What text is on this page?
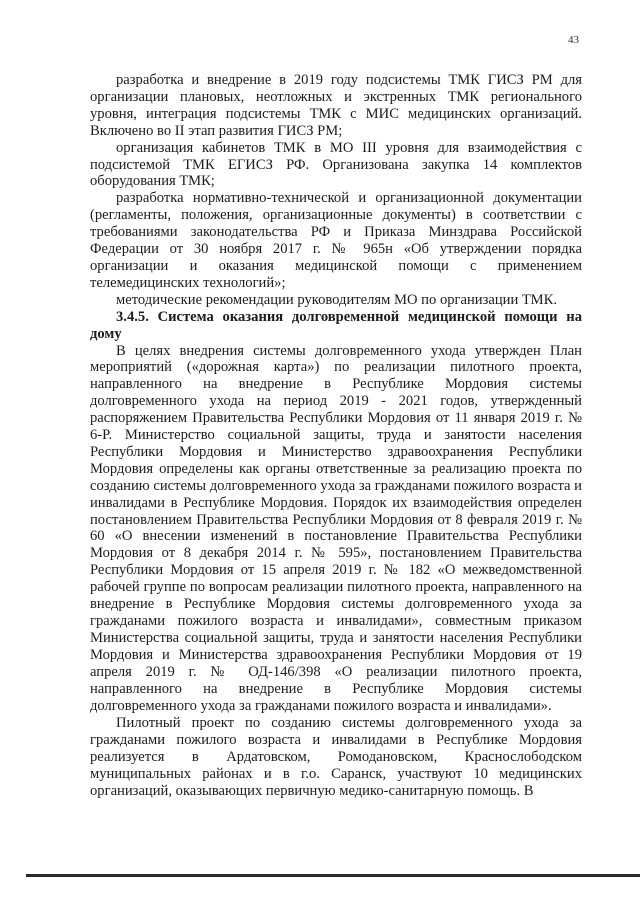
43

разработка и внедрение в 2019 году подсистемы ТМК ГИСЗ РМ для организации плановых, неотложных и экстренных ТМК регионального уровня, интеграция подсистемы ТМК с МИС медицинских организаций. Включено во II этап развития ГИСЗ РМ;

организация кабинетов ТМК в МО III уровня для взаимодействия с подсистемой ТМК ЕГИСЗ РФ. Организована закупка 14 комплектов оборудования ТМК;

разработка нормативно-технической и организационной документации (регламенты, положения, организационные документы) в соответствии с требованиями законодательства РФ и Приказа Минздрава Российской Федерации от 30 ноября 2017 г. № 965н «Об утверждении порядка организации и оказания медицинской помощи с применением телемедицинских технологий»;

методические рекомендации руководителям МО по организации ТМК.

3.4.5. Система оказания долговременной медицинской помощи на дому

В целях внедрения системы долговременного ухода утвержден План мероприятий («дорожная карта») по реализации пилотного проекта, направленного на внедрение в Республике Мордовия системы долговременного ухода на период 2019 - 2021 годов, утвержденный распоряжением Правительства Республики Мордовия от 11 января 2019 г. № 6-Р. Министерство социальной защиты, труда и занятости населения Республики Мордовия и Министерство здравоохранения Республики Мордовия определены как органы ответственные за реализацию проекта по созданию системы долговременного ухода за гражданами пожилого возраста и инвалидами в Республике Мордовия. Порядок их взаимодействия определен постановлением Правительства Республики Мордовия от 8 февраля 2019 г. № 60 «О внесении изменений в постановление Правительства Республики Мордовия от 8 декабря 2014 г. № 595», постановлением Правительства Республики Мордовия от 15 апреля 2019 г. № 182 «О межведомственной рабочей группе по вопросам реализации пилотного проекта, направленного на внедрение в Республике Мордовия системы долговременного ухода за гражданами пожилого возраста и инвалидами», совместным приказом Министерства социальной защиты, труда и занятости населения Республики Мордовия и Министерства здравоохранения Республики Мордовия от 19 апреля 2019 г. № ОД-146/398 «О реализации пилотного проекта, направленного на внедрение в Республике Мордовия системы долговременного ухода за гражданами пожилого возраста и инвалидами».

Пилотный проект по созданию системы долговременного ухода за гражданами пожилого возраста и инвалидами в Республике Мордовия реализуется в Ардатовском, Ромодановском, Краснослободском муниципальных районах и в г.о. Саранск, участвуют 10 медицинских организаций, оказывающих первичную медико-санитарную помощь. В
